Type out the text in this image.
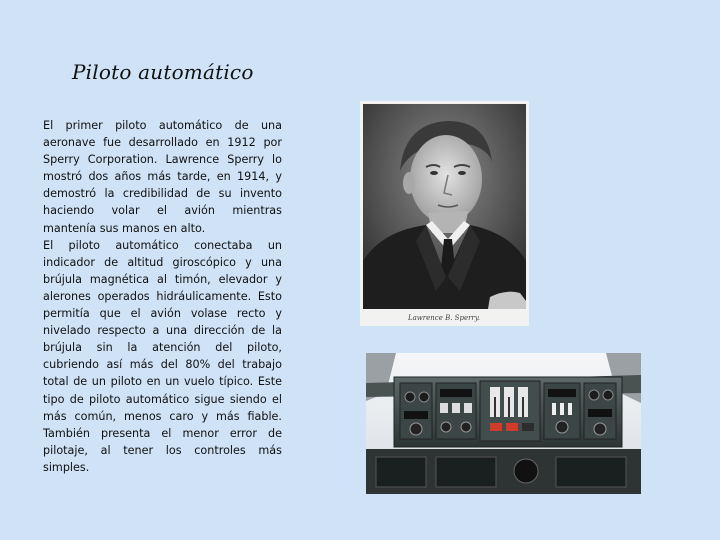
Piloto automático

El primer piloto automático de una aeronave fue desarrollado en 1912 por Sperry Corporation. Lawrence Sperry lo mostró dos años más tarde, en 1914, y demostró la credibilidad de su invento haciendo volar el avión mientras mantenía sus manos en alto.

El piloto automático conectaba un indicador de altitud giroscópico y una brújula magnética al timón, elevador y alerones operados hidráulicamente. Esto permitía que el avión volase recto y nivelado respecto a una dirección de la brújula sin la atención del piloto, cubriendo así más del 80% del trabajo total de un piloto en un vuelo típico. Este tipo de piloto automático sigue siendo el más común, menos caro y más fiable. También presenta el menor error de pilotaje, al tener los controles más simples.

Lawrence B. Sperry.
